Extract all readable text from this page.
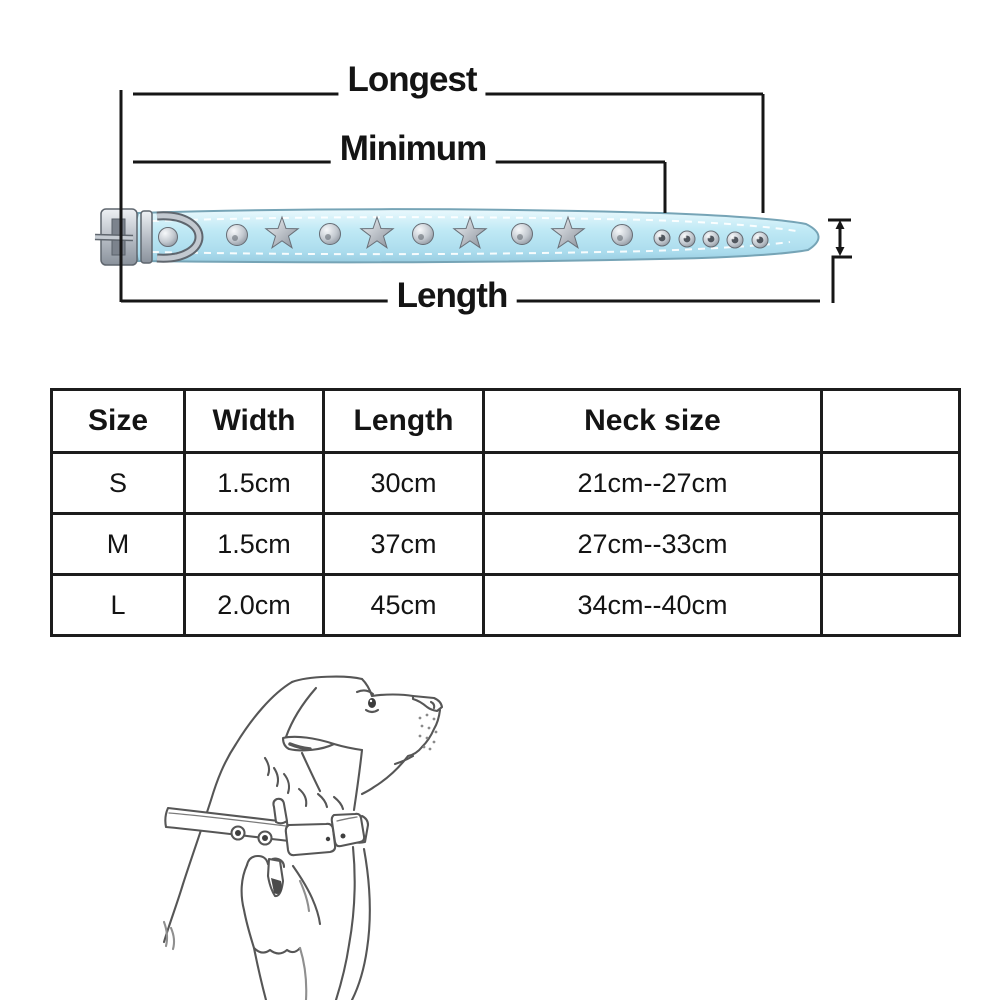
Longest
Minimum
Length
Size	Width	Length	Neck size	
S	1.5cm	30cm	21cm--27cm	
M	1.5cm	37cm	27cm--33cm	
L	2.0cm	45cm	34cm--40cm	
